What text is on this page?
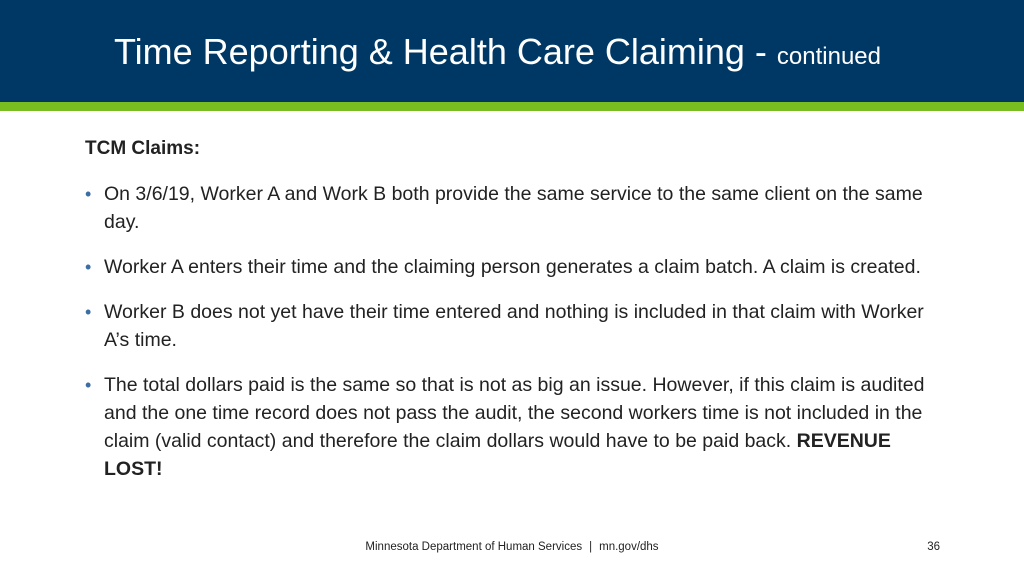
Time Reporting & Health Care Claiming - continued
TCM Claims:
• On 3/6/19, Worker A and Work B both provide the same service to the same client on the same day.
• Worker A enters their time and the claiming person generates a claim batch. A claim is created.
• Worker B does not yet have their time entered and nothing is included in that claim with Worker A’s time.
• The total dollars paid is the same so that is not as big an issue. However, if this claim is audited and the one time record does not pass the audit, the second workers time is not included in the claim (valid contact) and therefore the claim dollars would have to be paid back. REVENUE LOST!
Minnesota Department of Human Services | mn.gov/dhs	36
